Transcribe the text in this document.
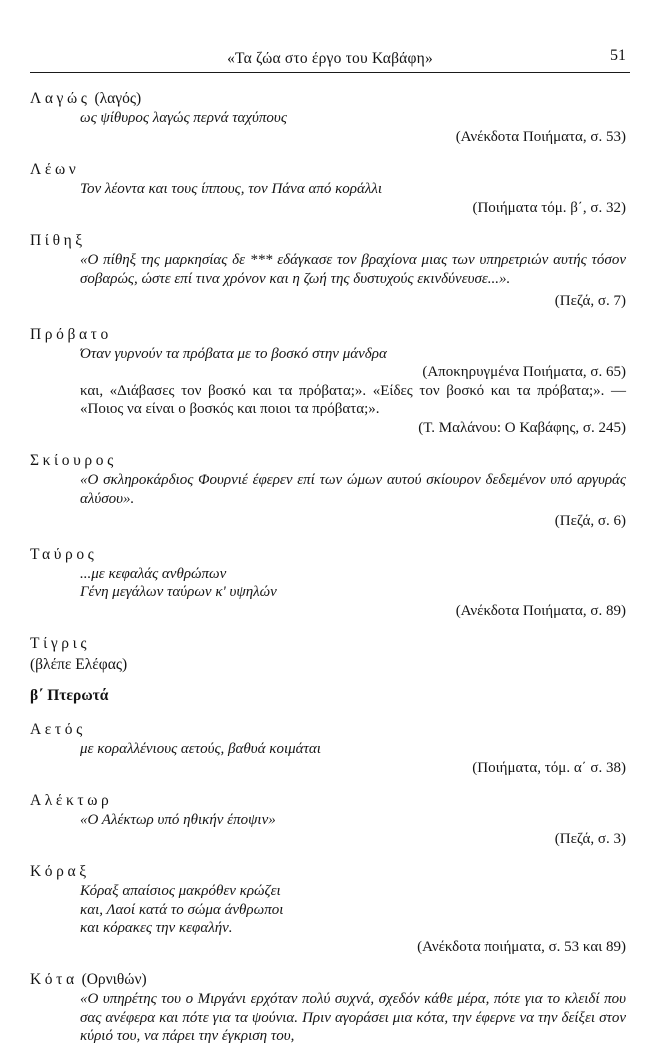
«Τα ζώα στο έργο του Καβάφη»	51
Λαγώς (λαγός)
ως ψίθυρος λαγώς περνά ταχύπους
(Ανέκδοτα Ποιήματα, σ. 53)
Λέων
Τον λέοντα και τους ίππους, τον Πάνα από κοράλλι
(Ποιήματα τόμ. β΄, σ. 32)
Πίθηξ
«Ο πίθηξ της μαρκησίας δε *** εδάγκασε τον βραχίονα μιας των υπηρετριών αυτής τόσον σοβαρώς, ώστε επί τινα χρόνον και η ζωή της δυστυχούς εκινδύνευσε...».
(Πεζά, σ. 7)
Πρόβατο
Όταν γυρνούν τα πρόβατα με το βοσκό στην μάνδρα
(Αποκηρυγμένα Ποιήματα, σ. 65)
και, «Διάβασες τον βοσκό και τα πρόβατα;». «Είδες τον βοσκό και τα πρόβατα;». — «Ποιος να είναι ο βοσκός και ποιοι τα πρόβατα;».
(Τ. Μαλάνου: Ο Καβάφης, σ. 245)
Σκίουρος
«Ο σκληροκάρδιος Φουρνιέ έφερεν επί των ώμων αυτού σκίουρον δεδεμένον υπό αργυράς αλύσου».
(Πεζά, σ. 6)
Ταύρος
...με κεφαλάς ανθρώπων
Γένη μεγάλων ταύρων κ' υψηλών
(Ανέκδοτα Ποιήματα, σ. 89)
Τίγρις
(βλέπε Ελέφας)
β΄ Πτερωτά
Αετός
με κοραλλένιους αετούς, βαθυά κοιμάται
(Ποιήματα, τόμ. α΄ σ. 38)
Αλέκτωρ
«Ο Αλέκτωρ υπό ηθικήν έποψιν»
(Πεζά, σ. 3)
Κόραξ
Κόραξ απαίσιος μακρόθεν κρώζει
και, Λαοί κατά το σώμα άνθρωποι
και κόρακες την κεφαλήν.
(Ανέκδοτα ποιήματα, σ. 53 και 89)
Κότα (Ορνιθών)
«Ο υπηρέτης του ο Μιργάνι ερχόταν πολύ συχνά, σχεδόν κάθε μέρα, πότε για το κλειδί που σας ανέφερα και πότε για τα ψούνια. Πριν αγοράσει μια κότα, την έφερνε να την δείξει στον κύριό του, να πάρει την έγκριση του,
